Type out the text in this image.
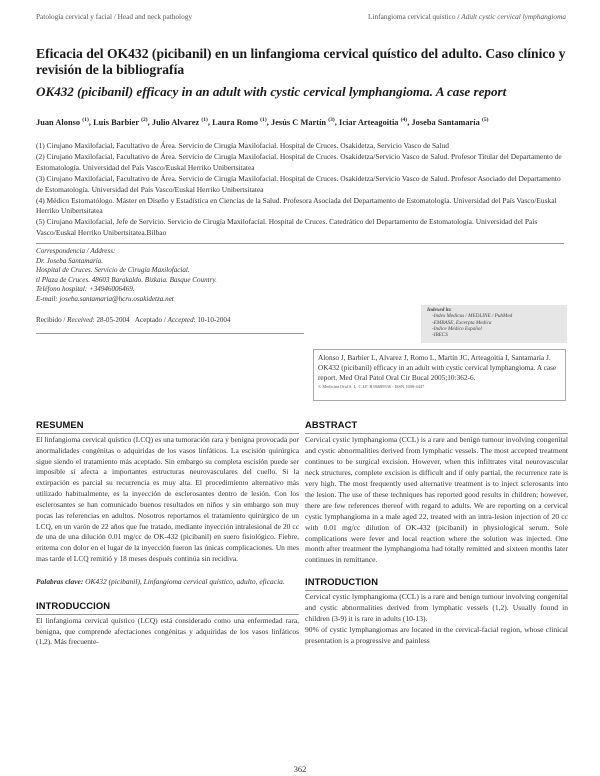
Patología cervical y facial / Head and neck pathology	Linfangioma cervical quístico / Adult cystic cervical lymphangioma
Eficacia del OK432 (picibanil) en un linfangioma cervical quístico del adulto. Caso clínico y revisión de la bibliografía
OK432 (picibanil) efficacy in an adult with cystic cervical lymphangioma. A case report
Juan Alonso $^{(1)}$, Luis Barbier $^{(2)}$, Julio Alvarez $^{(1)}$, Laura Romo $^{(1)}$, Jesús C Martín $^{(3)}$, Iciar Arteagoitia $^{(4)}$, Joseba Santamaría $^{(5)}$

(1) Cirujano Maxilofacial, Facultativo de Área. Servicio de Cirugía Maxilofacial. Hospital de Cruces. Osakidetza, Servicio Vasco de Salud

(2) Cirujano Maxilofacial, Facultativo de Área. Servicio de Cirugía Maxilofacial. Hospital de Cruces. Osakidetza/Servicio Vasco de Salud. Profesor Titular del Departamento de Estomatología. Universidad del País Vasco/Euskal Herriko Unibertsitatea

(3) Cirujano Maxilofacial, Facultativo de Área. Servicio de Cirugía Maxilofacial. Hospital de Cruces. Osakidetza/Servicio Vasco de Salud. Profesor Asociado del Departamento de Estomatología. Universidad del País Vasco/Euskal Herriko Unibertsitatea

(4) Médico Estomatólogo. Máster en Diseño y Estadística en Ciencias de la Salud. Profesora Asociada del Departamento de Estomatología. Universidad del País Vasco/Euskal Herriko Unibertsitatea

(5) Cirujano Maxilofacial, Jefe de Servicio. Servicio de Cirugía Maxilofacial. Hospital de Cruces. Catedrático del Departamento de Estomatología. Universidad del País Vasco/Euskal Herriko Unibertsitatea.Bilbao

Correspondencia / Address:

Dr. Joseba Santamaría.

Hospital de Cruces. Servicio de Cirugía Maxilofacial.

tl Plaza de Cruces. 48603 Barakaldo. Bizkaia. Basque Country.

Teléfono hospital: +34946006469.

E-mail: joseba.santamaria@hcru.osakidetza.net

Recibido / Received: 28-05-2004 Aceptado / Accepted: 10-10-2004
Indexed in:
-Index Medicus / MEDLINE / PubMed
-EMBASE, Excerpta Medica
-Indice Médico Español
-IBECS
Alonso J, Barbier L, Alvarez J, Romo L, Martín JC, Arteagoitia I, Santamaría J. OK432 (picibanil) efficacy in an adult with cystic cervical lymphangioma. A case report. Med Oral Patol Oral Cir Bucal 2005;10:362-6.
© Medicina Oral S. L. C.I.F. B 96689336 - ISSN 1698-4447
RESUMEN

El linfangioma cervical quístico (LCQ) es una tumoración rara y benigna provocada por anormalidades congénitas o adquiridas de los vasos linfáticos. La escisión quirúrgica sigue siendo el tratamiento más aceptado. Sin embargo su completa escisión puede ser imposible si afecta a importantes estructuras neurovasculares del cuello. Si la extirpación es parcial su recurrencia es muy alta. El procedimiento alternativo más utilizado habitualmente, es la inyección de esclerosantes dentro de lesión. Con los esclerosantes se han comunicado buenos resultados en niños y sin embargo son muy pocas las referencias en adultos. Nosotros reportamos el tratamiento quirúrgico de un LCQ, en un varón de 22 años que fue tratado, mediante inyección intralesional de 20 cc de una de una dilución 0.01 mg/cc de OK-432 (picibanil) en suero fisiológico. Fiebre, eritema con dolor en el lugar de la inyección fueron las únicas complicaciones. Un mes mas tarde el LCQ remitió y 18 meses después continúa sin recidiva.

Palabras clave: OK432 (picibanil), Linfangioma cervical quístico, adulto, eficacia.

INTRODUCCION

El linfangioma cervical quístico (LCQ) está considerado como una enfermedad rara, benigna, que comprende afectaciones congénitas y adquiridas de los vasos linfáticos (1,2). Más frecuente-

ABSTRACT

Cervical cystic lymphangioma (CCL) is a rare and benign tumour involving congenital and cystic abnormalities derived from lymphatic vessels. The most accepted treatment continues to be surgical excision. However, when this infiltrates vital neurovascular neck structures, complete excision is difficult and if only partial, the recurrence rate is very high. The most frequently used alternative treatment is to inject sclerosants into the lesion. The use of these techniques has reported good results in children; however, there are few references thereof with regard to adults. We are reporting on a cervical cystic lymphangioma in a male aged 22, treated with an intra-lesion injection of 20 cc with 0.01 mg/cc dilution of OK-432 (picibanil) in physiological serum. Sole complications were fever and local reaction where the solution was injected. One month after treatment the lymphangioma had totally remitted and sixteen months later continues in remittance.

INTRODUCTION

Cervical cystic lymphangioma (CCL) is a rare and benign tumour involving congenital and cystic abnormalities derived from lymphatic vessels (1,2). Usually found in children (3-9) it is rare in adults (10-13).

90% of cystic lymphangiomas are located in the cervical-facial region, whose clinical presentation is a progressive and painless

362
